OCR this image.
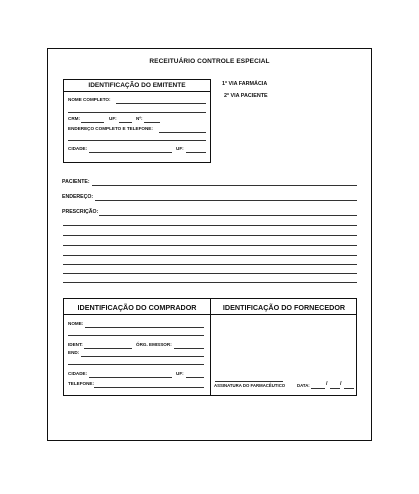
RECEITUÁRIO CONTROLE ESPECIAL
IDENTIFICAÇÃO DO EMITENTE
NOME COMPLETO:
CRM:	UF:	Nº:
ENDEREÇO COMPLETO E TELEFONE:
CIDADE:	UF:
1ª VIA FARMÁCIA
2ª VIA PACIENTE
PACIENTE:
ENDEREÇO:
PRESCRIÇÃO:
IDENTIFICAÇÃO DO COMPRADOR	IDENTIFICAÇÃO DO FORNECEDOR
NOME:
IDENT:	ÓRG. EMISSOR:
END:
CIDADE:	UF:
TELEFONE:	ASSINATURA DO FARMACÊUTICO	DATA:	/ /
